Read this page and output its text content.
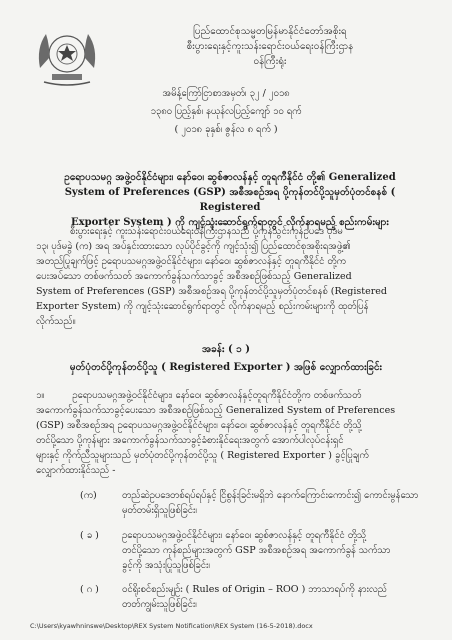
ပြည်ထောင်စုသမ္မတမြန်မာနိုင်ငံတော်အစိုးရ
စီးပွားရေးနှင့်ကူးသန်းရောင်းဝယ်ရေးဝန်ကြီးဌာန
ဝန်ကြီးရုံး
အမိန့်ကြော်ငြာစာအမှတ်၊ ၃၂ / ၂၀၁၈
၁၃၈၀ ပြည့်နှစ်၊ နယုန်လပြည့်ကျော် ၁၀ ရက်
( ၂၀၁၈ ခုနှစ်၊ ဇွန်လ ၈ ရက် )
ဥရောပသမဂ္ဂ အဖွဲ့ဝင်နိုင်ငံများ၊ နော်ဝေ၊ ဆွစ်ဇာလန်နှင့် တူရကီနိုင်ငံ တို့၏ Generalized
System of Preferences (GSP) အစီအစဉ်အရ ပို့ကုန်တင်ပို့သူမှတ်ပုံတင်စနစ် ( Registered
Exporter System ) ကို ကျင့်သုံးဆောင်ရွက်ရာတွင် လိုက်နာရမည့် စည်းကမ်းများ
စီးပွားရေးနှင့် ကူးသန်းရောင်းဝယ်ရေးဝန်ကြီးဌာနသည် ပို့ကုန်သွင်းကုန်ဥပဒေ ပုဒ်မ
၁၃၊ ပုဒ်မခွဲ (က) အရ အပ်နှင်းထားသော လုပ်ပိုင်ခွင့်ကို ကျင့်သုံး၍ ပြည်ထောင်စုအစိုးရအဖွဲ့၏
အတည်ပြုချက်ဖြင့် ဥရောပသမဂ္ဂအဖွဲ့ဝင်နိုင်ငံများ၊ နော်ဝေ၊ ဆွစ်ဇာလန်နှင့် တူရကီနိုင်ငံ တို့က
ပေးအပ်သော တစ်ဖက်သတ် အကောက်ခွန်သက်သာခွင့် အစီအစဉ်ဖြစ်သည့် Generalized
System of Preferences (GSP) အစီအစဉ်အရ ပို့ကုန်တင်ပို့သူမှတ်ပုံတင်စနစ် (Registered
Exporter System) ကို ကျင့်သုံးဆောင်ရွက်ရာတွင် လိုက်နာရမည့် စည်းကမ်းများကို ထုတ်ပြန်
လိုက်သည်။
အခန်း ( ၁ )
မှတ်ပုံတင်ပို့ကုန်တင်ပို့သူ ( Registered Exporter ) အဖြစ် လျှောက်ထားခြင်း
၁။	ဥရောပသမဂ္ဂအဖွဲ့ဝင်နိုင်ငံများ၊ နော်ဝေ၊ ဆွစ်ဇာလန်နှင့်တူရကီနိုင်ငံတို့က တစ်ဖက်သတ်
အကောက်ခွန်သက်သာခွင့်ပေးသော အစီအစဉ်ဖြစ်သည့် Generalized System of Preferences
(GSP) အစီအစဉ်အရ ဥရောပသမဂ္ဂအဖွဲ့ဝင်နိုင်ငံများ၊ နော်ဝေ၊ ဆွစ်ဇာလန်နှင့် တူရကီနိုင်ငံ တို့သို့
တင်ပို့သော ပို့ကုန်များ အကောက်ခွန်သက်သာခွင့်ခံစားနိုင်ရေးအတွက် အောက်ပါလုပ်ငန်းရှင်
များနှင့် ကိုက်ညီသူများသည် မှတ်ပုံတင်ပို့ကုန်တင်ပို့သူ ( Registered Exporter ) ခွင့်ပြုချက်
လျှောက်ထားနိုင်သည် -
(က)	တည်ဆဲဥပဒေတစ်ရပ်ရပ်နှင့် ငြိစွန်းခြင်းမရှိဘဲ နောက်ကြောင်းကောင်း၍ ကောင်းမွန်သော
မှတ်တမ်းရှိသူဖြစ်ခြင်း၊
( ခ )	ဥရောပသမဂ္ဂအဖွဲ့ဝင်နိုင်ငံများ၊ နော်ဝေ၊ ဆွစ်ဇာလန်နှင့် တူရကီနိုင်ငံ တို့သို့
တင်ပို့သော ကုန်စည်များအတွက် GSP အစီအစဉ်အရ အကောက်ခွန် သက်သာ
ခွင့်ကို အသုံးပြုသူဖြစ်ခြင်း၊
( ဂ )	ဝင်ရိုးစင်စည်းမျဉ်း ( Rules of Origin – ROO ) ဘာသာရပ်ကို နားလည်
တတ်ကျွမ်းသူဖြစ်ခြင်း၊
C:\Users\kyawhninswe\Desktop\REX System Notification\REX System (16-5-2018).docx
